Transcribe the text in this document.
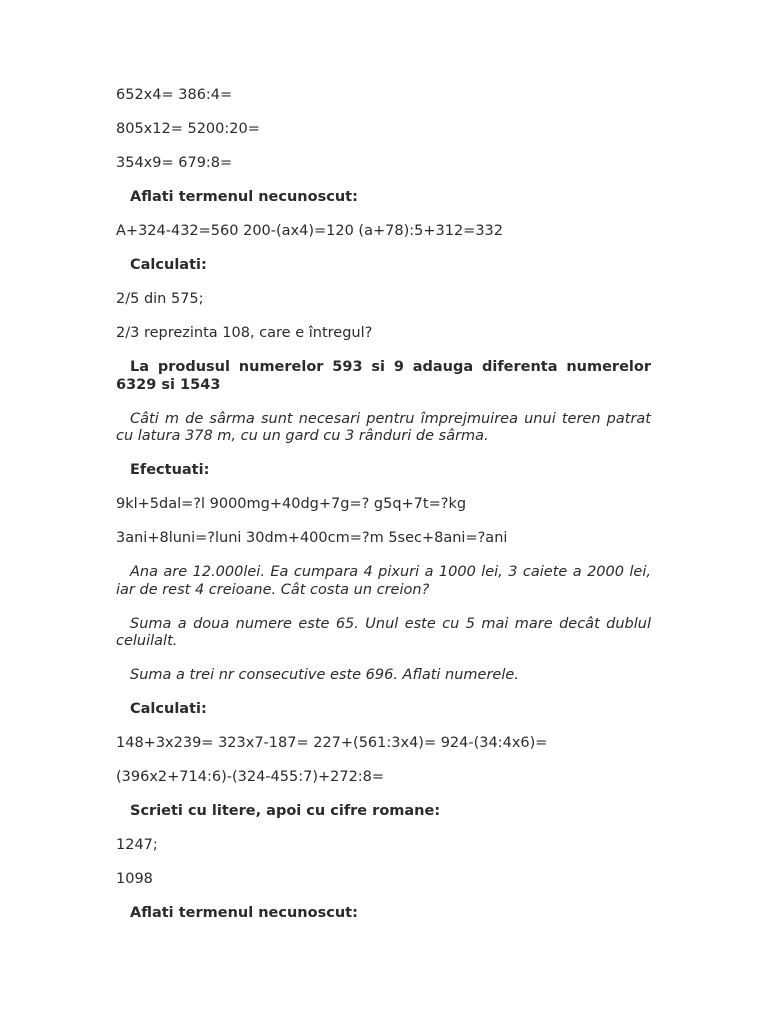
652x4= 386:4=

805x12= 5200:20=

354x9= 679:8=

Aflati termenul necunoscut:

A+324-432=560 200-(ax4)=120 (a+78):5+312=332

Calculati:

2/5 din 575;

2/3 reprezinta 108, care e întregul?

La produsul numerelor 593 si 9 adauga diferenta numerelor 6329 si 1543

Câti m de sârma sunt necesari pentru împrejmuirea unui teren patrat cu latura 378 m, cu un gard cu 3 rânduri de sârma.

Efectuati:

9kl+5dal=?l 9000mg+40dg+7g=? g5q+7t=?kg

3ani+8luni=?luni 30dm+400cm=?m 5sec+8ani=?ani

Ana are 12.000lei. Ea cumpara 4 pixuri a 1000 lei, 3 caiete a 2000 lei, iar de rest 4 creioane. Cât costa un creion?

Suma a doua numere este 65. Unul este cu 5 mai mare decât dublul celuilalt.

Suma a trei nr consecutive este 696. Aflati numerele.

Calculati:

148+3x239= 323x7-187= 227+(561:3x4)= 924-(34:4x6)=

(396x2+714:6)-(324-455:7)+272:8=

Scrieti cu litere, apoi cu cifre romane:

1247;

1098

Aflati termenul necunoscut:
